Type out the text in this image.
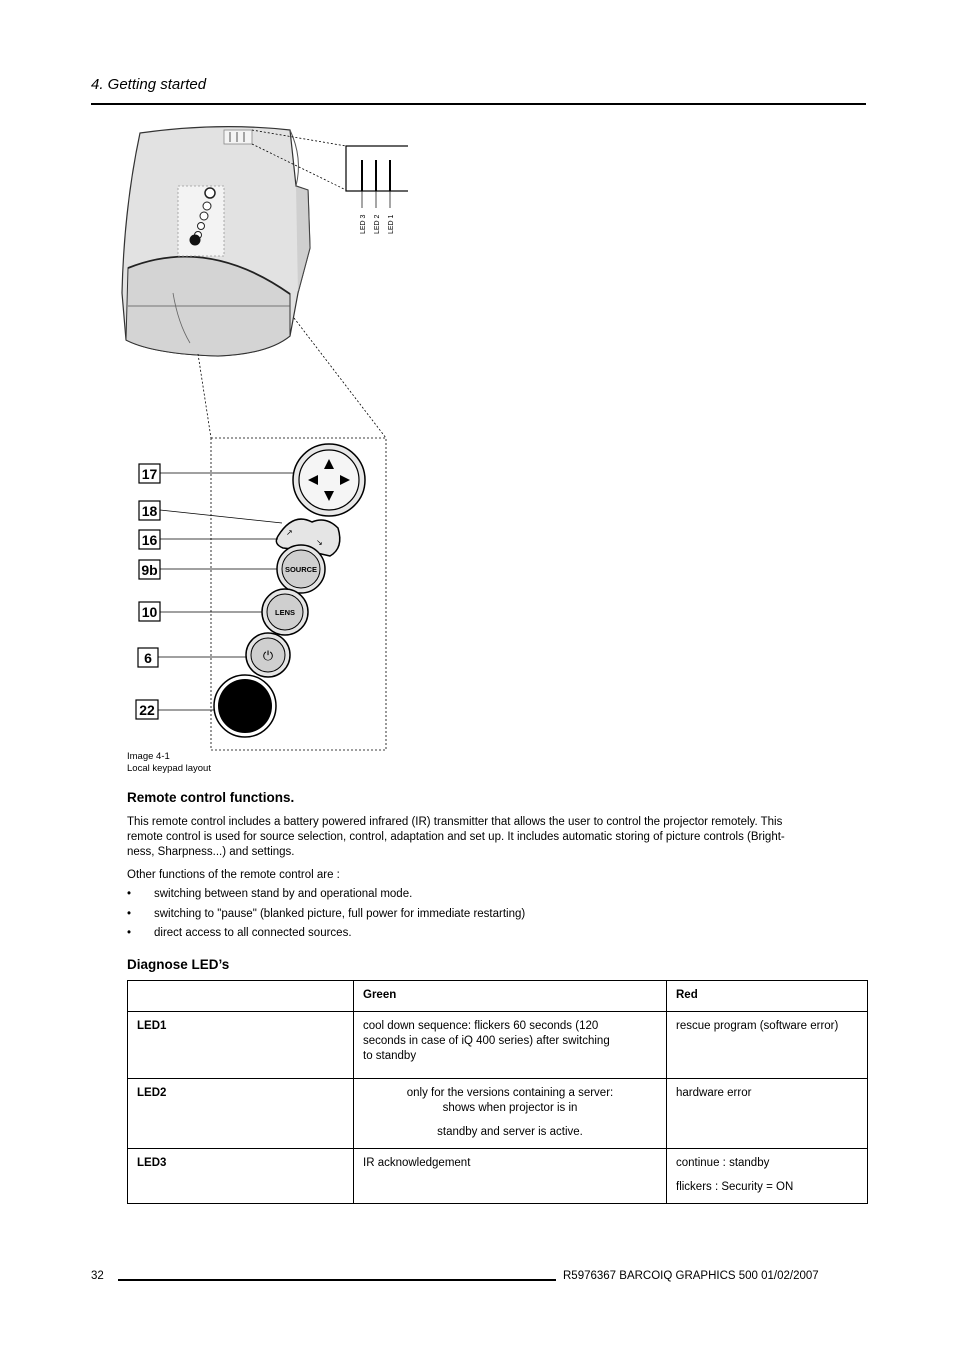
4. Getting started
LED 3 LED 2 LED 1
↗
↘
SOURCE
LENS
⏻
17
18
16
9b
10
6
22
Image 4-1
Local keypad layout
Remote control functions.
This remote control includes a battery powered infrared (IR) transmitter that allows the user to control the projector remotely. This
remote control is used for source selection, control, adaptation and set up. It includes automatic storing of picture controls (Bright-
ness, Sharpness...) and settings.
Other functions of the remote control are :
• switching between stand by and operational mode.
• switching to "pause" (blanked picture, full power for immediate restarting)
• direct access to all connected sources.
Diagnose LED’s
	Green	Red
LED1	cool down sequence: flickers 60 seconds (120
seconds in case of iQ 400 series) after switching
to standby	rescue program (software error)

LED2	only for the versions containing a server:
shows when projector is in
standby and server is active.	hardware error

LED3	IR acknowledgement	continue : standby
flickers : Security = ON
32	R5976367 BARCOIQ GRAPHICS 500 01/02/2007
